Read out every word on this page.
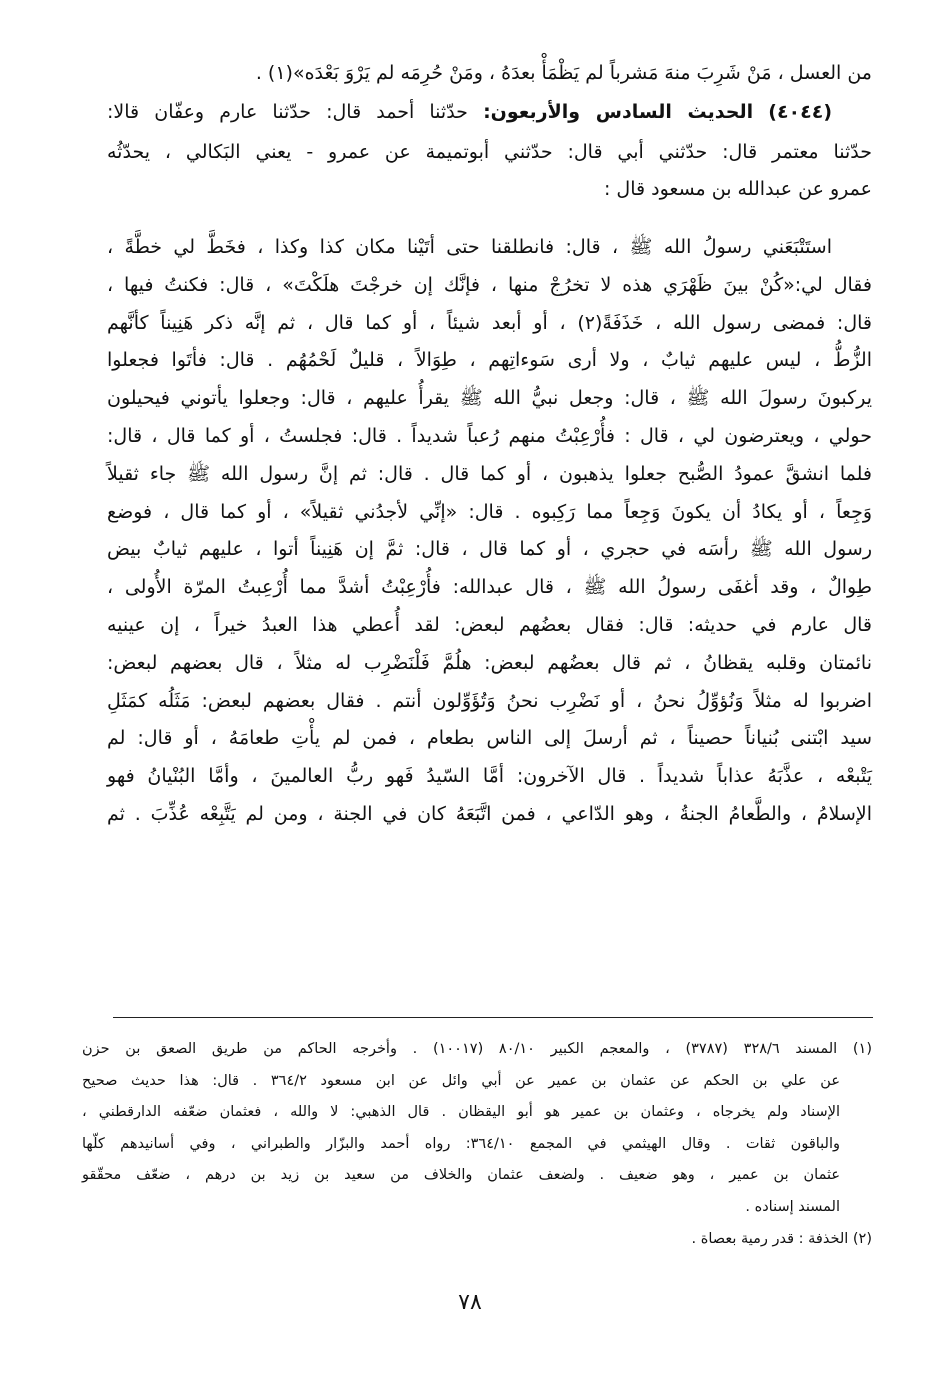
من العسل ، مَنْ شَرِبَ منهَ مَشرباً لم يَظْمَأْ بعدَهُ ، ومَنْ حُرِمَه لم يَرْوَ بَعْدَه»(١) .
(٤٠٤٤) الحديث السادس والأربعون: حدّثنا أحمد قال: حدّثنا عارم وعفّان قالا:
حدّثنا معتمر قال: حدّثني أبي قال: حدّثني أبوتميمة عن عمرو - يعني البَكالي ، يحدّثُه
عمرو عن عبدالله بن مسعود قال :
استَتْبَعَني رسولُ الله ﷺ ، قال: فانطلقنا حتى أتَيْنا مكان كذا وكذا ، فخَطَّ لي خطَّةً ،
فقال لي:«كُنْ بينَ ظَهْرَي هذه لا تخرُجْ منها ، فإنَّك إن خرجْتَ هلَكْتَ» ، قال: فكنتُ فيها ،
قال: فمضى رسول الله ، خَذَفَةً(٢) ، أو أبعد شيئاً ، أو كما قال ، ثم إنَّه ذكر هَنِيناً كأنَّهم
الزُّطُّ ، ليس عليهم ثيابٌ ، ولا أرى سَوءاتِهم ، طِوَالاً ، قليلٌ لَحْمُهُم . قال: فأتَوا فجعلوا
يركبونَ رسولَ الله ﷺ ، قال: وجعل نبيُّ الله ﷺ يقرأُ عليهم ، قال: وجعلوا يأتوني فيحيلون
حولي ، ويعترضون لي ، قال : فأُرْعِبْتُ منهم رُعباً شديداً . قال: فجلستُ ، أو كما قال ، قال:
فلما انشقَّ عمودُ الصُّبح جعلوا يذهبون ، أو كما قال . قال: ثم إنَّ رسول الله ﷺ جاء ثقيلاً
وَجِعاً ، أو يكادُ أن يكونَ وَجِعاً مما رَكِبوه . قال: «إنِّي لأجدُني ثقيلاً» ، أو كما قال ، فوضع
رسول الله ﷺ رأسَه في حجري ، أو كما قال ، قال: ثمَّ إن هَنِيناً أتوا ، عليهم ثيابٌ بيض
طِوالٌ ، وقد أغفَى رسولُ الله ﷺ ، قال عبدالله: فأُرْعِبْتُ أشدَّ مما أُرْعِبتُ المرّة الأُولى ،
قال عارم في حديثه: قال: فقال بعضُهم لبعض: لقد أُعطي هذا العبدُ خيراً ، إن عينيه
نائمتان وقلبه يقظانُ ، ثم قال بعضُهم لبعض: هلُمَّ فَلْنَضْرِب له مثلاً ، قال بعضهم لبعض:
اضربوا له مثلاً وَنُؤوِّلُ نحنُ ، أو نَضْرِب نحنُ وَتُؤَوِّلون أنتم . فقال بعضهم لبعض: مَثَلُه كمَثَلِ
سيد ابْتنى بُنياناً حصيناً ، ثم أرسلَ إلى الناس بطعام ، فمن لم يأْتِ طعامَهُ ، أو قال: لم
يَتْبعْه ، عذَّبَهُ عذاباً شديداً . قال الآخرون: أمَّا السّيدُ فَهو ربُّ العالمينَ ، وأمَّا البُنْيانُ فهو
الإسلامُ ، والطَّعامُ الجنةُ ، وهو الدّاعي ، فمن اتَّبَعَهُ كان في الجنة ، ومن لم يَتَّبِعْه عُذِّبَ . ثم
(١) المسند ٣٢٨/٦ (٣٧٨٧) ، والمعجم الكبير ٨٠/١٠ (١٠٠١٧) . وأخرجه الحاكم من طريق الصعق بن حزن
عن علي بن الحكم عن عثمان بن عمير عن أبي وائل عن ابن مسعود ٣٦٤/٢ . قال: هذا حديث صحيح
الإسناد ولم يخرجاه ، وعثمان بن عمير هو أبو اليقظان . قال الذهبي: لا والله ، فعثمان ضعّفه الدارقطني ،
والباقون ثقات . وقال الهيثمي في المجمع ٣٦٤/١٠: رواه أحمد والبزّار والطبراني ، وفي أسانيدهم كلّها
عثمان بن عمير ، وهو ضعيف . ولضعف عثمان والخلاف من سعيد بن زيد بن درهم ، ضعّف محقّقو
المسند إسناده .
(٢) الخذفة : قدر رمية بعصاة .
٧٨
